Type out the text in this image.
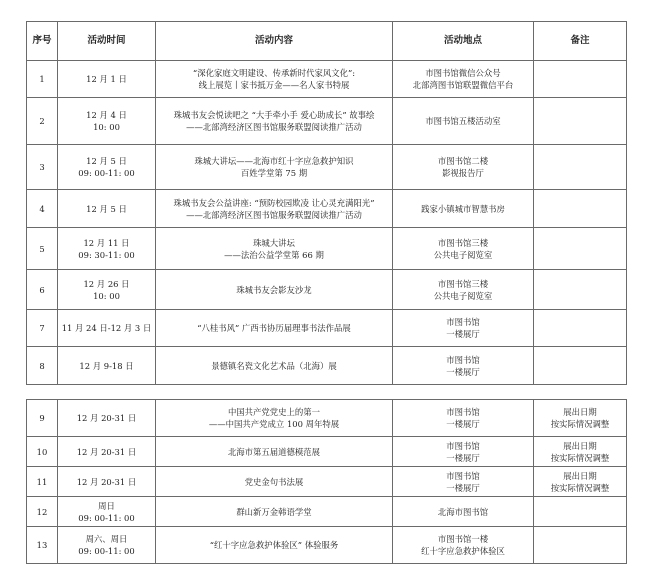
序号	活动时间	活动内容	活动地点	备注
1	12 月 1 日	“深化家庭文明建设、传承新时代家风文化”:
线上展览丨家书抵万金——名人家书特展	市图书馆微信公众号
北部湾图书馆联盟微信平台	

2	12 月 4 日
10: 00	珠城书友会悦读吧之 “大手牵小手 爱心助成长” 故事绘
——北部湾经济区图书馆服务联盟阅读推广活动	市图书馆五楼活动室	

3	12 月 5 日
09: 00-11: 00	珠城大讲坛——北海市红十字应急救护知识
百姓学堂第 75 期	市图书馆二楼
影视报告厅	

4	12 月 5 日	珠城书友会公益讲座: “预防校园欺凌 让心灵充满阳光”
——北部湾经济区图书馆服务联盟阅读推广活动	践家小镇城市智慧书房	

5	12 月 11 日
09: 30-11: 00	珠城大讲坛
——法治公益学堂第 66 期	市图书馆三楼
公共电子阅览室	

6	12 月 26 日
10: 00	珠城书友会影友沙龙	市图书馆三楼
公共电子阅览室	

7	11 月 24 日-12 月 3 日	“八桂书风” 广西书协历届理事书法作品展	市图书馆
一楼展厅	

8	12 月 9-18 日	景德镇名瓷文化艺术品（北海）展	市图书馆
一楼展厅	

9	12 月 20-31 日	中国共产党党史上的第一
——中国共产党成立 100 周年特展	市图书馆
一楼展厅	展出日期
按实际情况调整

10	12 月 20-31 日	北海市第五届道德模范展	市图书馆
一楼展厅	展出日期
按实际情况调整

11	12 月 20-31 日	党史金句书法展	市图书馆
一楼展厅	展出日期
按实际情况调整

12	周日
09: 00-11: 00	群山新万金韩语学堂	北海市图书馆	

13	周六、周日
09: 00-11: 00	“红十字应急救护体验区” 体验服务	市图书馆一楼
红十字应急救护体验区	
